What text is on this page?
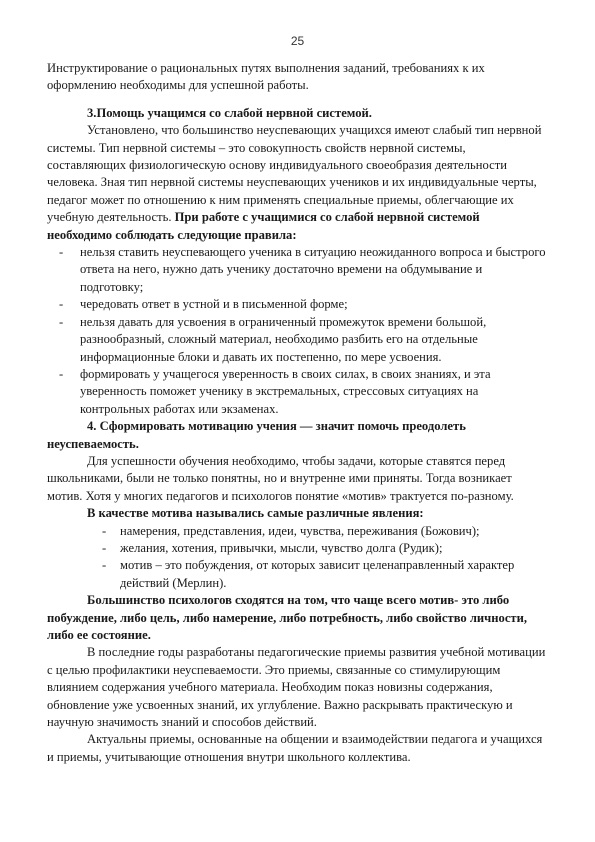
25

Инструктирование о рациональных путях выполнения заданий, требованиях к их оформлению необходимы для успешной работы.

3.Помощь учащимся со слабой нервной системой.

Установлено, что большинство неуспевающих учащихся имеют слабый тип нервной системы. Тип нервной системы – это совокупность свойств нервной системы, составляющих физиологическую основу индивидуального своеобразия деятельности человека. Зная тип нервной системы неуспевающих учеников и их индивидуальные черты, педагог может по отношению к ним применять специальные приемы, облегчающие их учебную деятельность. При работе с учащимися со слабой нервной системой необходимо соблюдать следующие правила:

- нельзя ставить неуспевающего ученика в ситуацию неожиданного вопроса и быстрого ответа на него, нужно дать ученику достаточно времени на обдумывание и подготовку;
- чередовать ответ в устной и в письменной форме;
- нельзя давать для усвоения в ограниченный промежуток времени большой, разнообразный, сложный материал, необходимо разбить его на отдельные информационные блоки и давать их постепенно, по мере усвоения.
- формировать у учащегося уверенность в своих силах, в своих знаниях, и эта уверенность поможет ученику в экстремальных, стрессовых ситуациях на контрольных работах или экзаменах.

4. Сформировать мотивацию учения — значит помочь преодолеть неуспеваемость.

Для успешности обучения необходимо, чтобы задачи, которые ставятся перед школьниками, были не только понятны, но и внутренне ими приняты. Тогда возникает мотив. Хотя у многих педагогов и психологов понятие «мотив» трактуется по-разному.

В качестве мотива назывались самые различные явления:

- намерения, представления, идеи, чувства, переживания (Божович);
- желания, хотения, привычки, мысли, чувство долга (Рудик);
- мотив – это побуждения, от которых зависит целенаправленный характер действий (Мерлин).

Большинство психологов сходятся на том, что чаще всего мотив- это либо побуждение, либо цель, либо намерение, либо потребность, либо свойство личности, либо ее состояние.

В последние годы разработаны педагогические приемы развития учебной мотивации с целью профилактики неуспеваемости. Это приемы, связанные со стимулирующим влиянием содержания учебного материала. Необходим показ новизны содержания, обновление уже усвоенных знаний, их углубление. Важно раскрывать практическую и научную значимость знаний и способов действий.

Актуальны приемы, основанные на общении и взаимодействии педагога и учащихся и приемы, учитывающие отношения внутри школьного коллектива.
